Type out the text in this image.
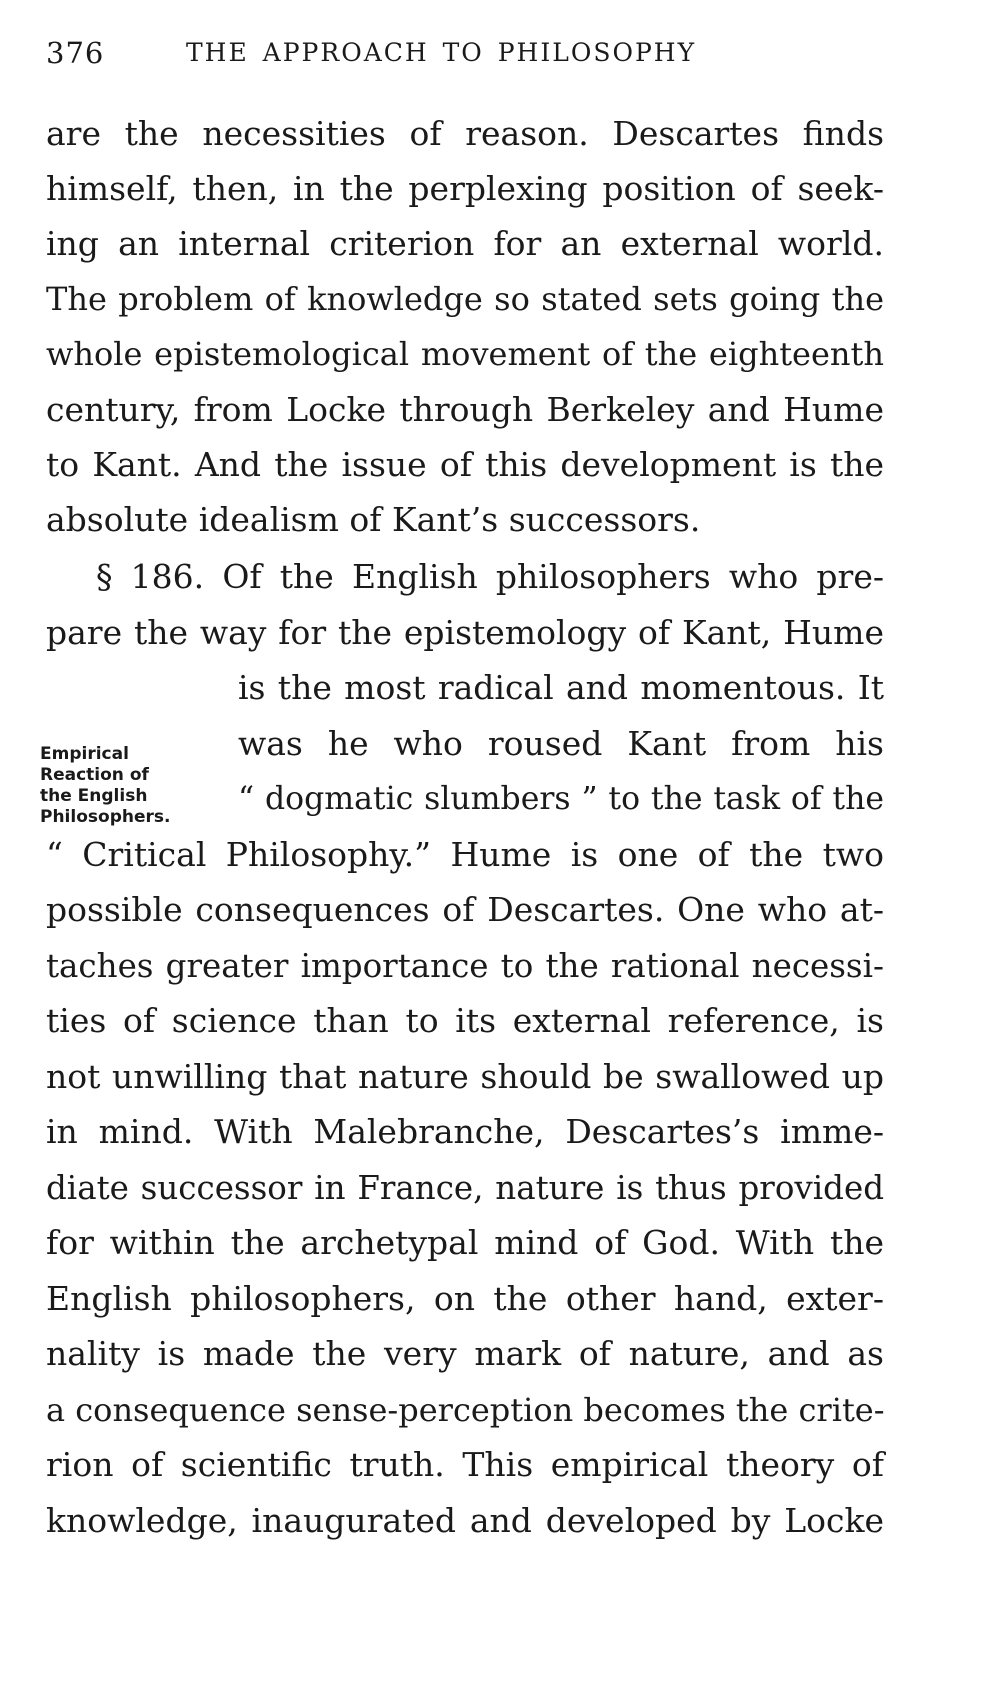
376	THE APPROACH TO PHILOSOPHY
Empirical
Reaction of
the English
Philosophers.
are the necessities of reason. Descartes finds
himself, then, in the perplexing position of seek-
ing an internal criterion for an external world.
The problem of knowledge so stated sets going the
whole epistemological movement of the eighteenth
century, from Locke through Berkeley and Hume
to Kant. And the issue of this development is the
absolute idealism of Kant’s successors.
§ 186. Of the English philosophers who pre-
pare the way for the epistemology of Kant, Hume
is the most radical and momentous. It
was he who roused Kant from his
“ dogmatic slumbers ” to the task of the
“ Critical Philosophy.” Hume is one of the two
possible consequences of Descartes. One who at-
taches greater importance to the rational necessi-
ties of science than to its external reference, is
not unwilling that nature should be swallowed up
in mind. With Malebranche, Descartes’s imme-
diate successor in France, nature is thus provided
for within the archetypal mind of God. With the
English philosophers, on the other hand, exter-
nality is made the very mark of nature, and as
a consequence sense-perception becomes the crite-
rion of scientific truth. This empirical theory of
knowledge, inaugurated and developed by Locke
